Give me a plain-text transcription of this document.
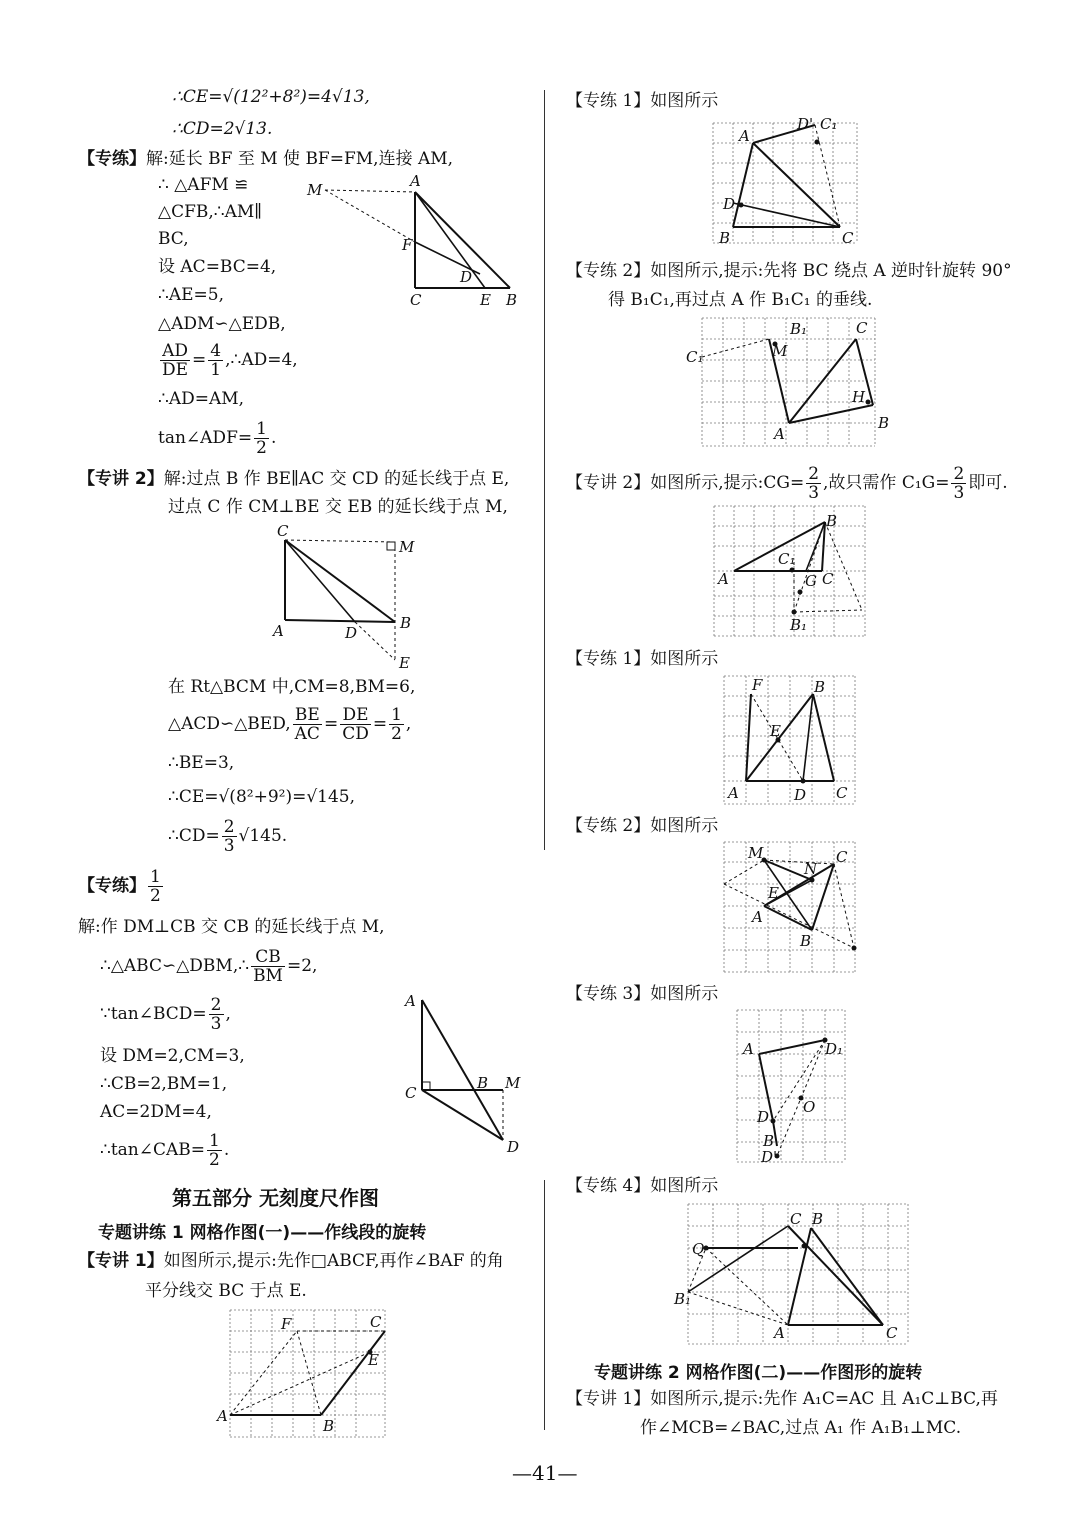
∴CE=√(12²+8²)=4√13,
∴CD=2√13.
【专练】解:延长 BF 至 M 使 BF=FM,连接 AM,
∴ △AFM ≌
△CFB,∴AM∥
BC,
设 AC=BC=4,
∴AE=5,
△ADM∽△EDB,
$\frac{AD}{DE} = \frac{4}{1}$ ,∴AD=4,
∴AD=AM,
tan∠ADF= $\frac{1}{2}$ .
M	A
F
D
C	E B
【专讲 2】解:过点 B 作 BE∥AC 交 CD 的延长线于点 E,
过点 C 作 CM⊥BE 交 EB 的延长线于点 M,
C
M
A	D
B
E
在 Rt△BCM 中,CM=8,BM=6,
△ACD∽△BED, $\frac{BE}{AC} = \frac{DE}{CD} = \frac{1}{2}$ ,
∴BE=3,
∴CE=√(8²+9²)=√145,
∴CD= $\frac{2}{3} √145$.
【专练】 $\frac{1}{2}$
解:作 DM⊥CB 交 CB 的延长线于点 M,
∴△ABC∽△DBM,∴ $\frac{CB}{BM} =2$,
∵tan∠BCD= $\frac{2}{3}$ ,
设 DM=2,CM=3,
∴CB=2,BM=1,
AC=2DM=4,
∴tan∠CAB= $\frac{1}{2}$ .
A
C
B M
D
第五部分 无刻度尺作图
专题讲练 1 网格作图(一)——作线段的旋转
【专讲 1】如图所示,提示:先作□ABCF,再作∠BAF 的角
平分线交 BC 于点 E.
A
B
C
E
F
【专练 1】如图所示
A
D' C₁
D
B	C
【专练 2】如图所示,提示:先将 BC 绕点 A 逆时针旋转 90°
得 B₁C₁,再过点 A 作 B₁C₁ 的垂线.
C₁
B₁
M
C
H
B
A
【专讲 2】如图所示,提示:CG= $\frac{2}{3}$ ,故只需作 $C_1G= \frac{2}{3}$ 即可.
B
C₁
A	G C
B₁
【专练 1】如图所示
F	B
E
A	D C
【专练 2】如图所示
M
N
C
E
A
B
【专练 3】如图所示
A	D₁
O
D
B
D'
【专练 4】如图所示
C B
Q
B₁
A	C
专题讲练 2 网格作图(二)——作图形的旋转
【专讲 1】如图所示,提示:先作 A₁C=AC 且 A₁C⊥BC,再
作∠MCB=∠BAC,过点 A₁ 作 A₁B₁⊥MC.
—41—
